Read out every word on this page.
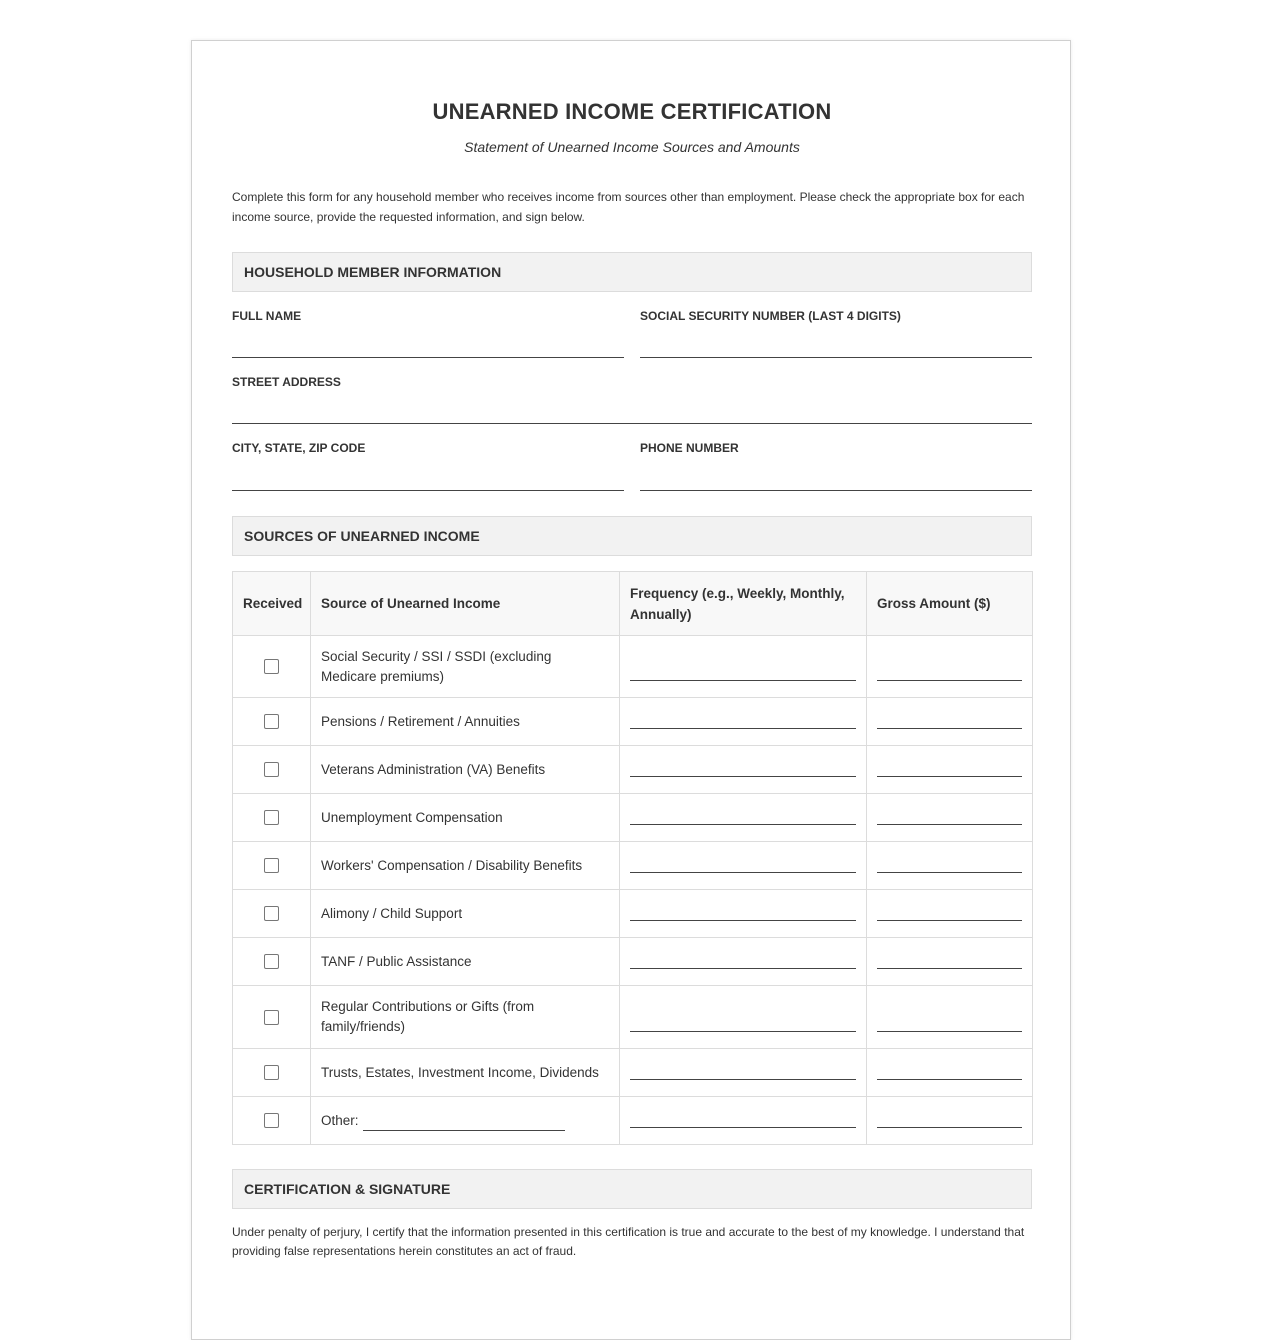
UNEARNED INCOME CERTIFICATION
Statement of Unearned Income Sources and Amounts
Complete this form for any household member who receives income from sources other than employment. Please check the appropriate box for each income source, provide the requested information, and sign below.
HOUSEHOLD MEMBER INFORMATION
FULL NAME	SOCIAL SECURITY NUMBER (LAST 4 DIGITS)
STREET ADDRESS
CITY, STATE, ZIP CODE	PHONE NUMBER
SOURCES OF UNEARNED INCOME
Received	Source of Unearned Income	Frequency (e.g., Weekly, Monthly, Annually)	Gross Amount ($)
	Social Security / SSI / SSDI (excluding Medicare premiums)	

	Pensions / Retirement / Annuities	

	Veterans Administration (VA) Benefits	

	Unemployment Compensation	

	Workers' Compensation / Disability Benefits	

	Alimony / Child Support	

	TANF / Public Assistance	

	Regular Contributions or Gifts (from family/friends)	

	Trusts, Estates, Investment Income, Dividends	

	Other:	

CERTIFICATION & SIGNATURE
Under penalty of perjury, I certify that the information presented in this certification is true and accurate to the best of my knowledge. I understand that providing false representations herein constitutes an act of fraud.
